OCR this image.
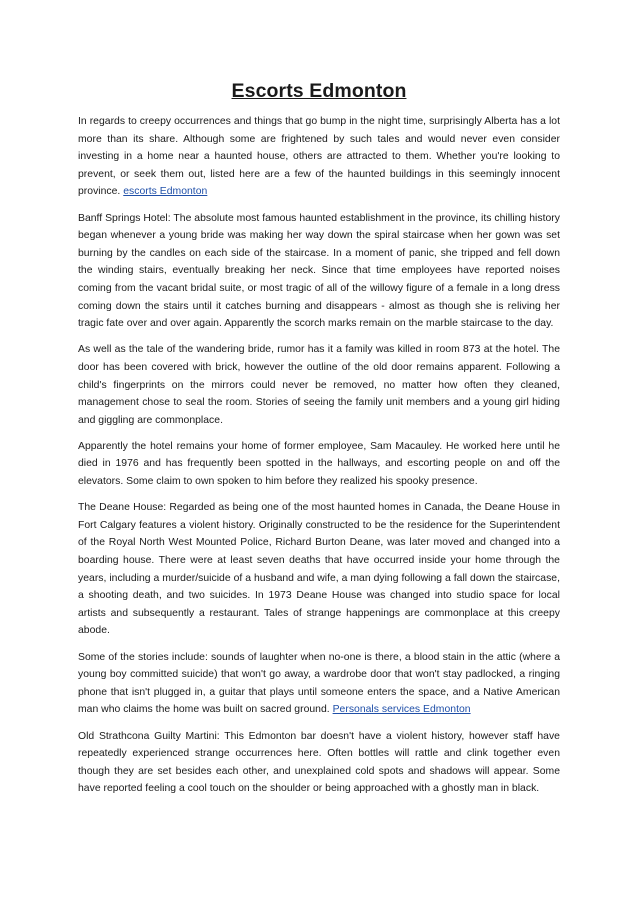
Escorts Edmonton

In regards to creepy occurrences and things that go bump in the night time, surprisingly Alberta has a lot more than its share. Although some are frightened by such tales and would never even consider investing in a home near a haunted house, others are attracted to them. Whether you're looking to prevent, or seek them out, listed here are a few of the haunted buildings in this seemingly innocent province. escorts Edmonton

Banff Springs Hotel: The absolute most famous haunted establishment in the province, its chilling history began whenever a young bride was making her way down the spiral staircase when her gown was set burning by the candles on each side of the staircase. In a moment of panic, she tripped and fell down the winding stairs, eventually breaking her neck. Since that time employees have reported noises coming from the vacant bridal suite, or most tragic of all of the willowy figure of a female in a long dress coming down the stairs until it catches burning and disappears - almost as though she is reliving her tragic fate over and over again. Apparently the scorch marks remain on the marble staircase to the day.

As well as the tale of the wandering bride, rumor has it a family was killed in room 873 at the hotel. The door has been covered with brick, however the outline of the old door remains apparent. Following a child's fingerprints on the mirrors could never be removed, no matter how often they cleaned, management chose to seal the room. Stories of seeing the family unit members and a young girl hiding and giggling are commonplace.

Apparently the hotel remains your home of former employee, Sam Macauley. He worked here until he died in 1976 and has frequently been spotted in the hallways, and escorting people on and off the elevators. Some claim to own spoken to him before they realized his spooky presence.

The Deane House: Regarded as being one of the most haunted homes in Canada, the Deane House in Fort Calgary features a violent history. Originally constructed to be the residence for the Superintendent of the Royal North West Mounted Police, Richard Burton Deane, was later moved and changed into a boarding house. There were at least seven deaths that have occurred inside your home through the years, including a murder/suicide of a husband and wife, a man dying following a fall down the staircase, a shooting death, and two suicides. In 1973 Deane House was changed into studio space for local artists and subsequently a restaurant. Tales of strange happenings are commonplace at this creepy abode.

Some of the stories include: sounds of laughter when no-one is there, a blood stain in the attic (where a young boy committed suicide) that won't go away, a wardrobe door that won't stay padlocked, a ringing phone that isn't plugged in, a guitar that plays until someone enters the space, and a Native American man who claims the home was built on sacred ground. Personals services Edmonton

Old Strathcona Guilty Martini: This Edmonton bar doesn't have a violent history, however staff have repeatedly experienced strange occurrences here. Often bottles will rattle and clink together even though they are set besides each other, and unexplained cold spots and shadows will appear. Some have reported feeling a cool touch on the shoulder or being approached with a ghostly man in black.
